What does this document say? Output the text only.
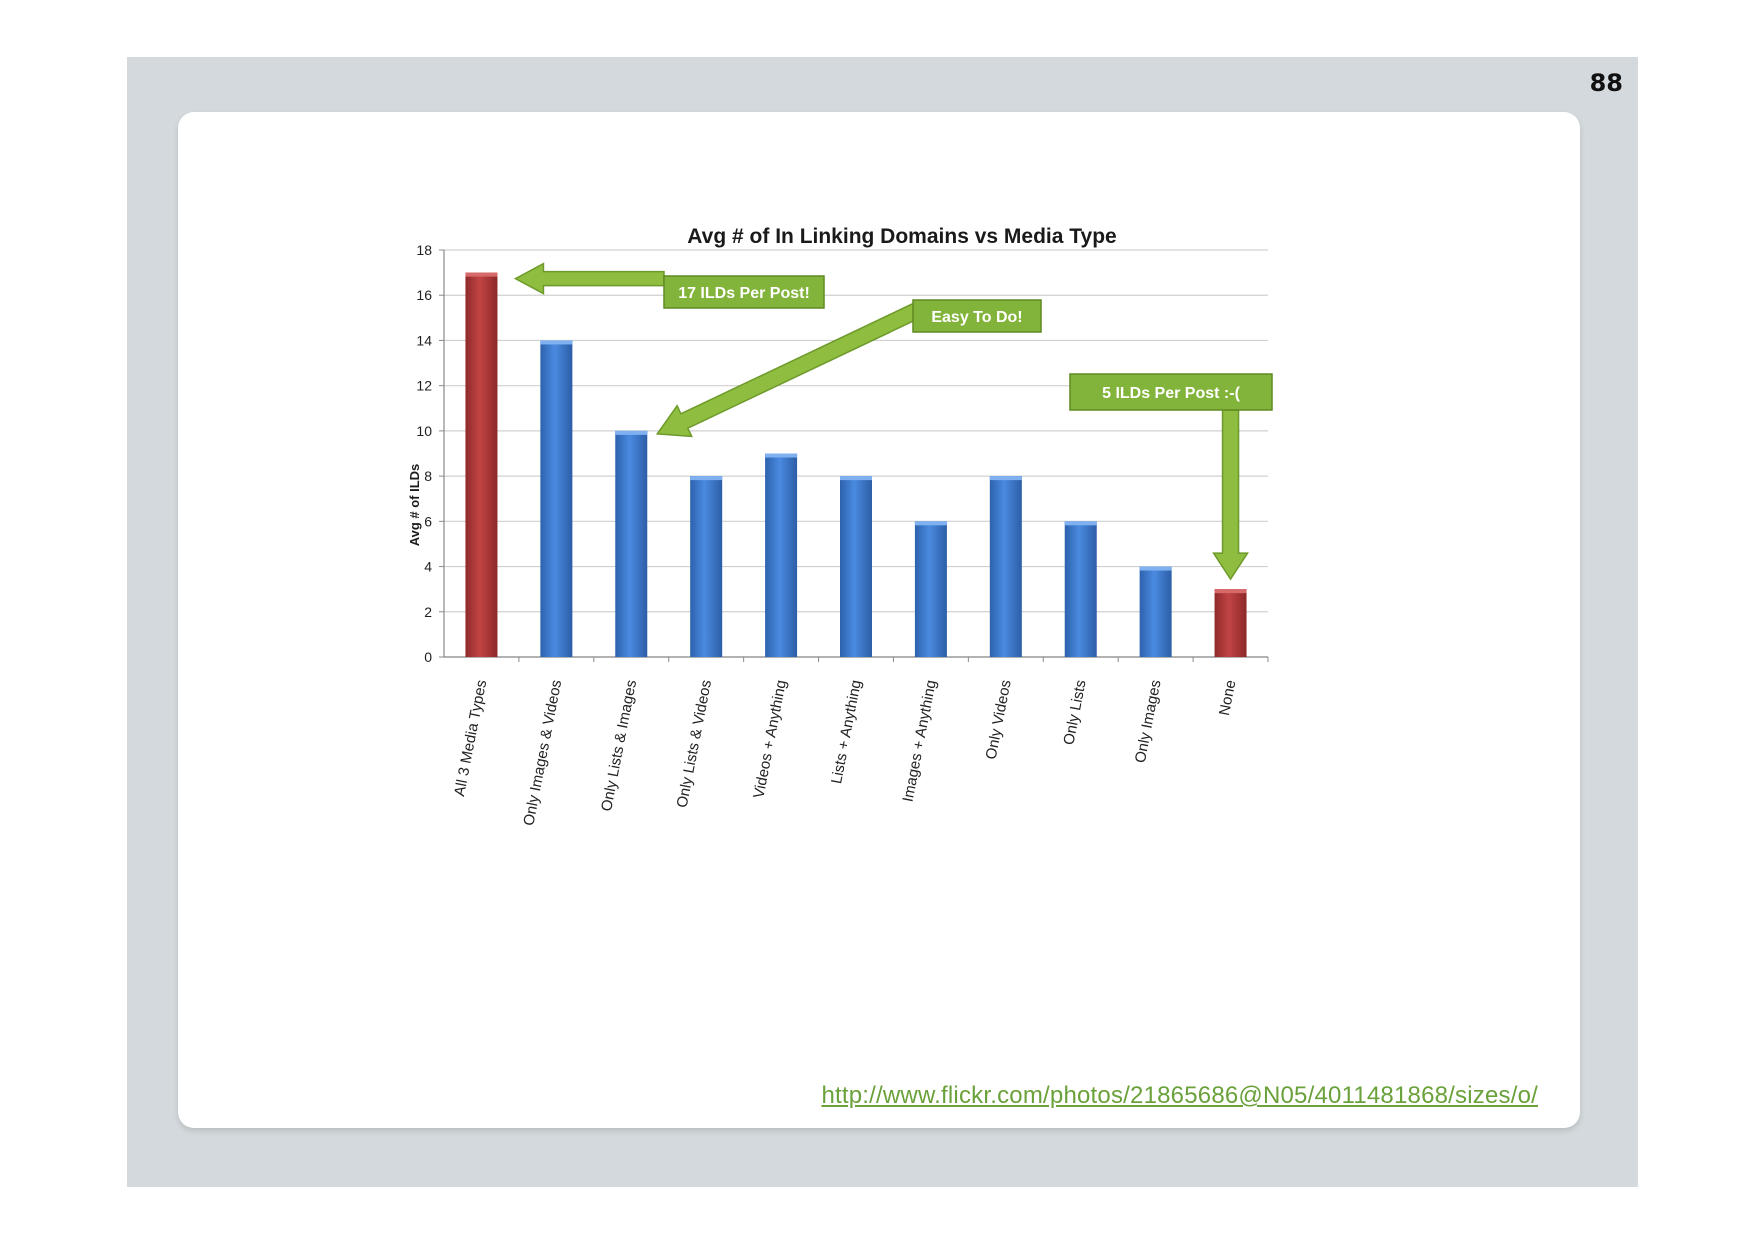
88
Avg # of In Linking Domains vs Media Type
Avg # of ILDs
0
2
4
6
8
10
12
14
16
18
All 3 Media Types Only Images & Videos Only Lists & Images Only Lists & Videos Videos + Anything	Lists + Anything Images + Anything	Only Videos	Only Lists	Only Images	None
17 ILDs Per Post!
Easy To Do!
5 ILDs Per Post :-(
http://www.flickr.com/photos/21865686@N05/4011481868/sizes/o/
